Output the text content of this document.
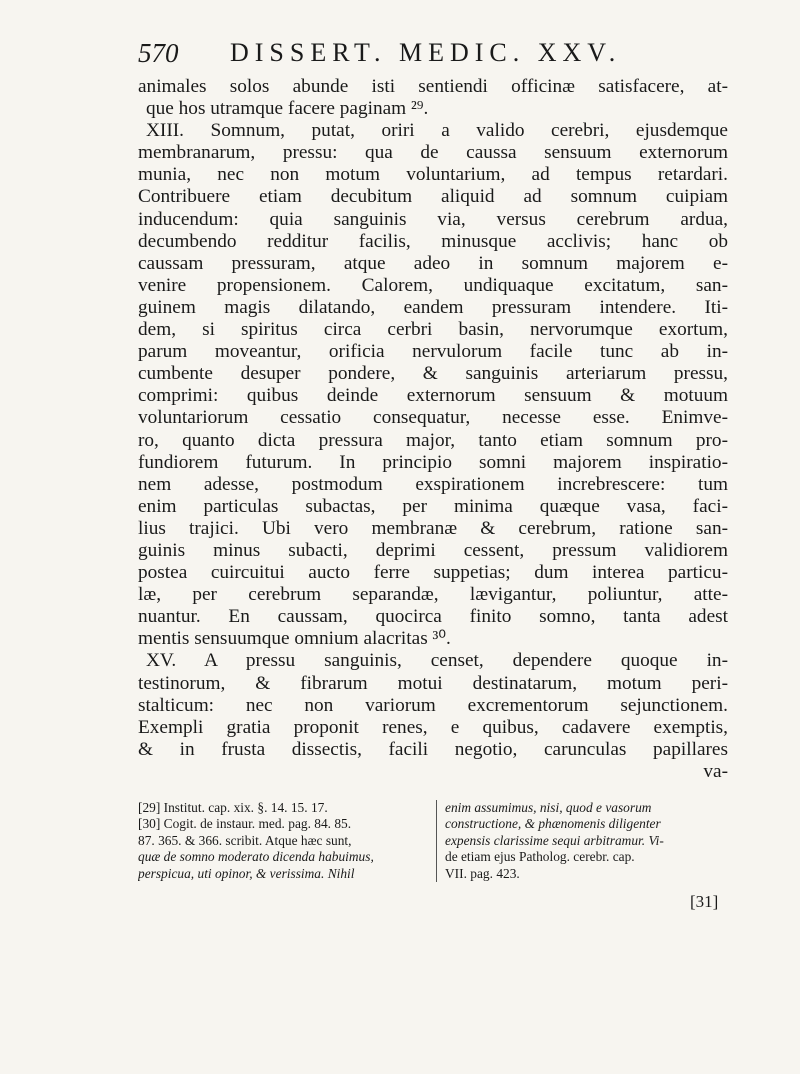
570 DISSERT. MEDIC. XXV.
animales solos abunde isti sentiendi officinæ satisfacere, at-
que hos utramque facere paginam ²⁹.
XIII. Somnum, putat, oriri a valido cerebri, ejusdemque
membranarum, pressu: qua de caussa sensuum externorum
munia, nec non motum voluntarium, ad tempus retardari.
Contribuere etiam decubitum aliquid ad somnum cuipiam
inducendum: quia sanguinis via, versus cerebrum ardua,
decumbendo redditur facilis, minusque acclivis; hanc ob
caussam pressuram, atque adeo in somnum majorem e-
venire propensionem. Calorem, undiquaque excitatum, san-
guinem magis dilatando, eandem pressuram intendere. Iti-
dem, si spiritus circa cerbri basin, nervorumque exortum,
parum moveantur, orificia nervulorum facile tunc ab in-
cumbente desuper pondere, & sanguinis arteriarum pressu,
comprimi: quibus deinde externorum sensuum & motuum
voluntariorum cessatio consequatur, necesse esse. Enimve-
ro, quanto dicta pressura major, tanto etiam somnum pro-
fundiorem futurum. In principio somni majorem inspiratio-
nem adesse, postmodum exspirationem increbrescere: tum
enim particulas subactas, per minima quæque vasa, faci-
lius trajici. Ubi vero membranæ & cerebrum, ratione san-
guinis minus subacti, deprimi cessent, pressum validiorem
postea cuircuitui aucto ferre suppetias; dum interea particu-
læ, per cerebrum separandæ, lævigantur, poliuntur, atte-
nuantur. En caussam, quocirca finito somno, tanta adest
mentis sensuumque omnium alacritas ³⁰.
XV. A pressu sanguinis, censet, dependere quoque in-
testinorum, & fibrarum motui destinatarum, motum peri-
stalticum: nec non variorum excrementorum sejunctionem.
Exempli gratia proponit renes, e quibus, cadavere exemptis,
& in frusta dissectis, facili negotio, carunculas papillares
va-
[29] Institut. cap. xix. §. 14. 15. 17.
[30] Cogit. de instaur. med. pag. 84. 85.
87. 365. & 366. scribit. Atque hæc sunt,
quæ de somno moderato dicenda habuimus,
perspicua, uti opinor, & verissima. Nihil
enim assumimus, nisi, quod e vasorum
constructione, & phænomenis diligenter
expensis clarissime sequi arbitramur. Vi-
de etiam ejus Patholog. cerebr. cap.
VII. pag. 423.
[31]
